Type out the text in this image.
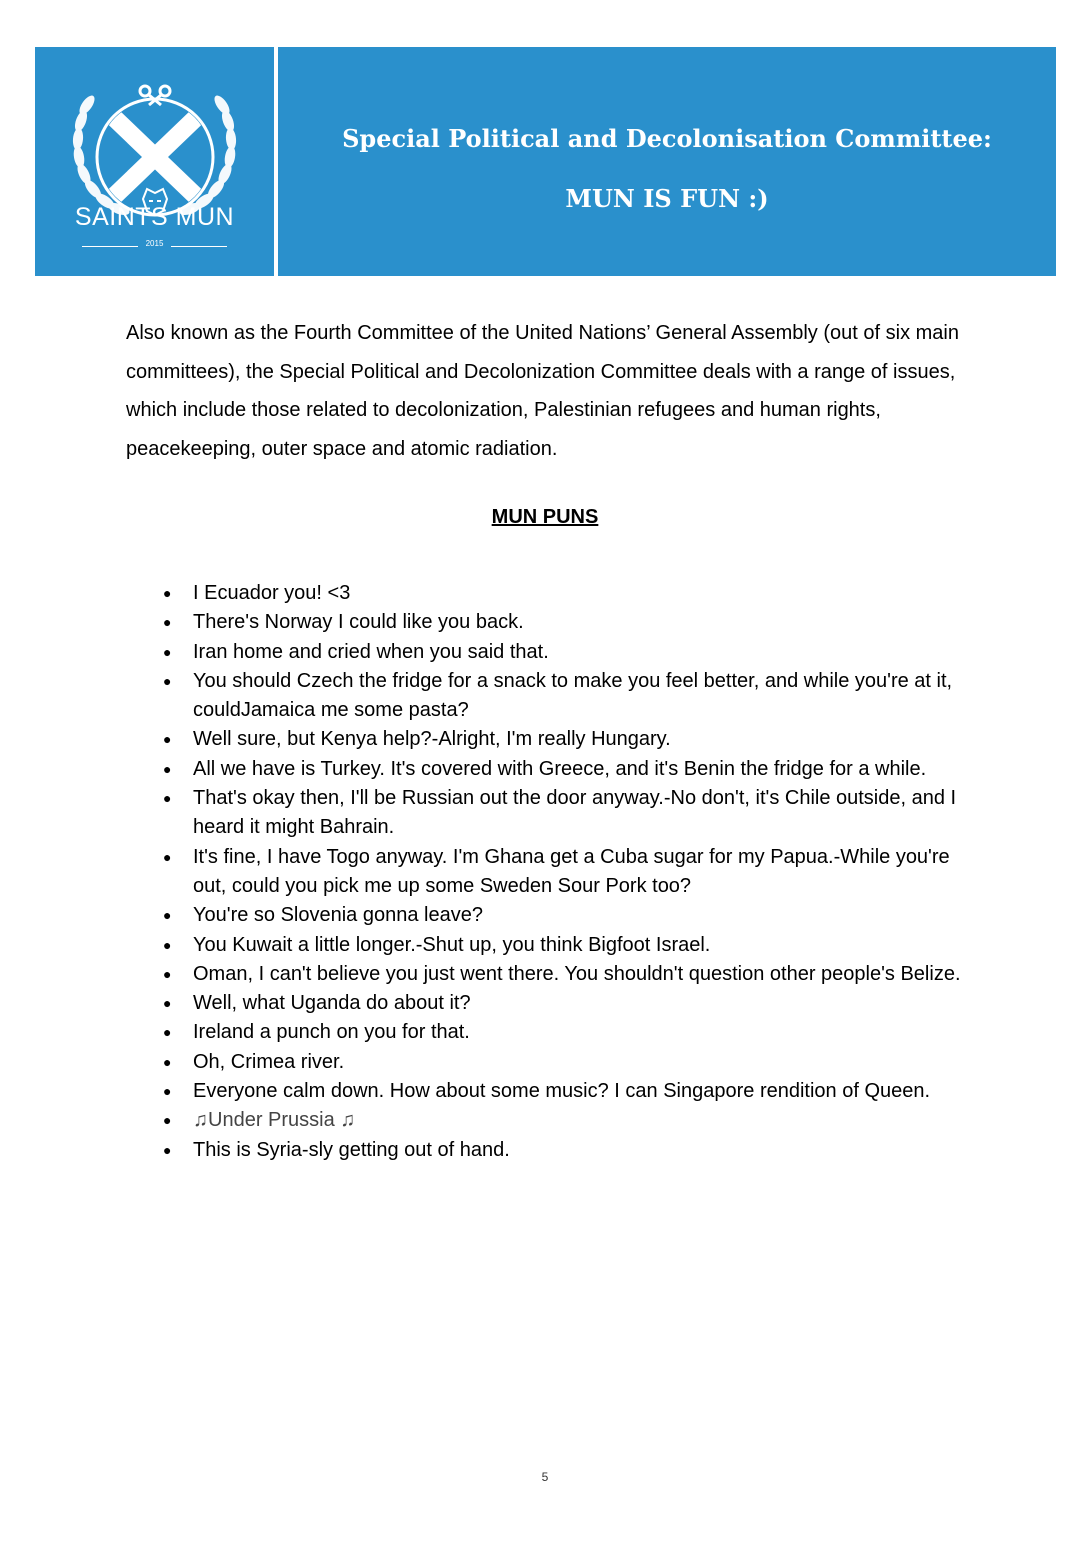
SAINTS MUN
2015
Special Political and Decolonisation Committee:
MUN IS FUN :)

Also known as the Fourth Committee of the United Nations’ General Assembly (out of six main committees), the Special Political and Decolonization Committee deals with a range of issues, which include those related to decolonization, Palestinian refugees and human rights, peacekeeping, outer space and atomic radiation.

MUN PUNS
● I Ecuador you! <3
● There's Norway I could like you back.
● Iran home and cried when you said that.
● You should Czech the fridge for a snack to make you feel better, and while you're at it, couldJamaica me some pasta?
● Well sure, but Kenya help?-Alright, I'm really Hungary.
● All we have is Turkey. It's covered with Greece, and it's Benin the fridge for a while.
● That's okay then, I'll be Russian out the door anyway.-No don't, it's Chile outside, and I heard it might Bahrain.
● It's fine, I have Togo anyway. I'm Ghana get a Cuba sugar for my Papua.-While you're out, could you pick me up some Sweden Sour Pork too?
● You're so Slovenia gonna leave?
● You Kuwait a little longer.-Shut up, you think Bigfoot Israel.
● Oman, I can't believe you just went there. You shouldn't question other people's Belize.
● Well, what Uganda do about it?
● Ireland a punch on you for that.
● Oh, Crimea river.
● Everyone calm down. How about some music? I can Singapore rendition of Queen.
● ♫Under Prussia ♫
● This is Syria-sly getting out of hand.
5
